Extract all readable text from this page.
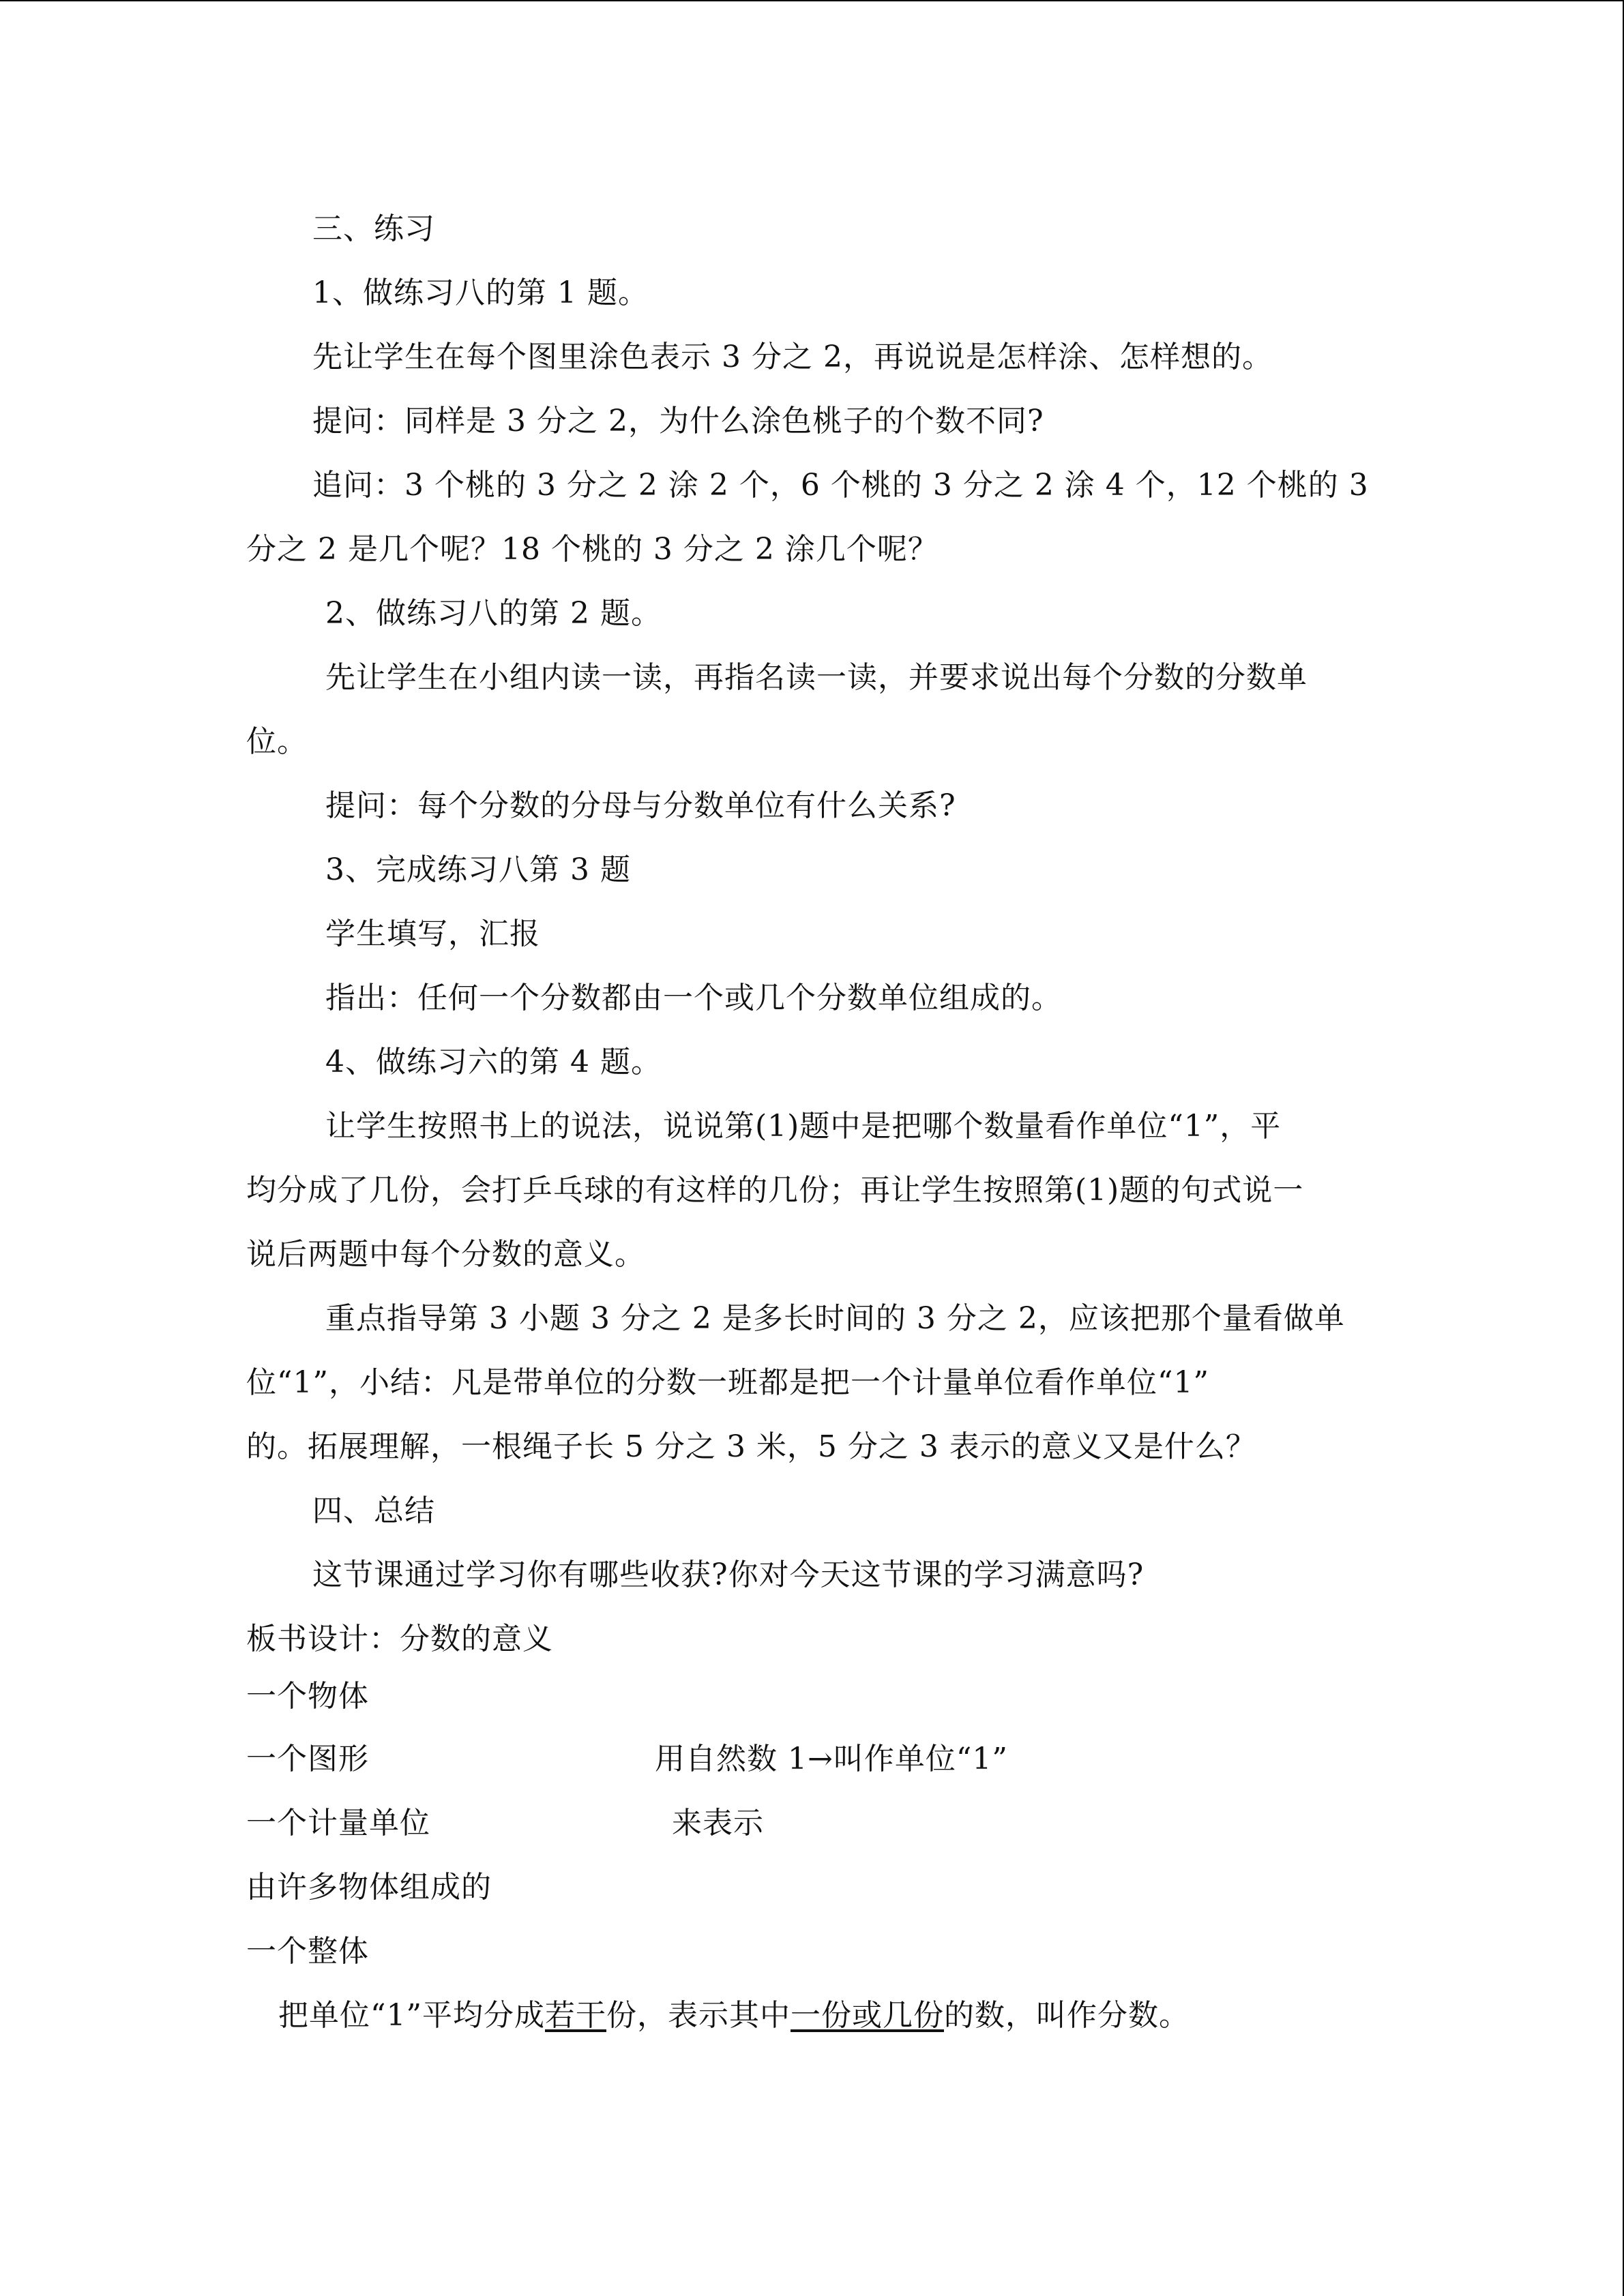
三、练习
1、做练习八的第 1 题。
先让学生在每个图里涂色表示 3 分之 2，再说说是怎样涂、怎样想的。
提问：同样是 3 分之 2，为什么涂色桃子的个数不同?
追问：3 个桃的 3 分之 2 涂 2 个，6 个桃的 3 分之 2 涂 4 个，12 个桃的 3
分之 2 是几个呢？18 个桃的 3 分之 2 涂几个呢？
2、做练习八的第 2 题。
先让学生在小组内读一读，再指名读一读，并要求说出每个分数的分数单
位。
提问：每个分数的分母与分数单位有什么关系?
3、完成练习八第 3 题
学生填写，汇报
指出：任何一个分数都由一个或几个分数单位组成的。
4、做练习六的第 4 题。
让学生按照书上的说法，说说第(1)题中是把哪个数量看作单位“1”，平
均分成了几份，会打乒乓球的有这样的几份；再让学生按照第(1)题的句式说一
说后两题中每个分数的意义。
重点指导第 3 小题 3 分之 2 是多长时间的 3 分之 2，应该把那个量看做单
位“1”，小结：凡是带单位的分数一班都是把一个计量单位看作单位“1”
的。拓展理解，一根绳子长 5 分之 3 米，5 分之 3 表示的意义又是什么？
四、总结
这节课通过学习你有哪些收获?你对今天这节课的学习满意吗?
板书设计：分数的意义
一个物体
一个图形	用自然数 1→叫作单位“1”
一个计量单位	来表示
由许多物体组成的
一个整体
把单位“1”平均分成若干份，表示其中一份或几份的数，叫作分数。
